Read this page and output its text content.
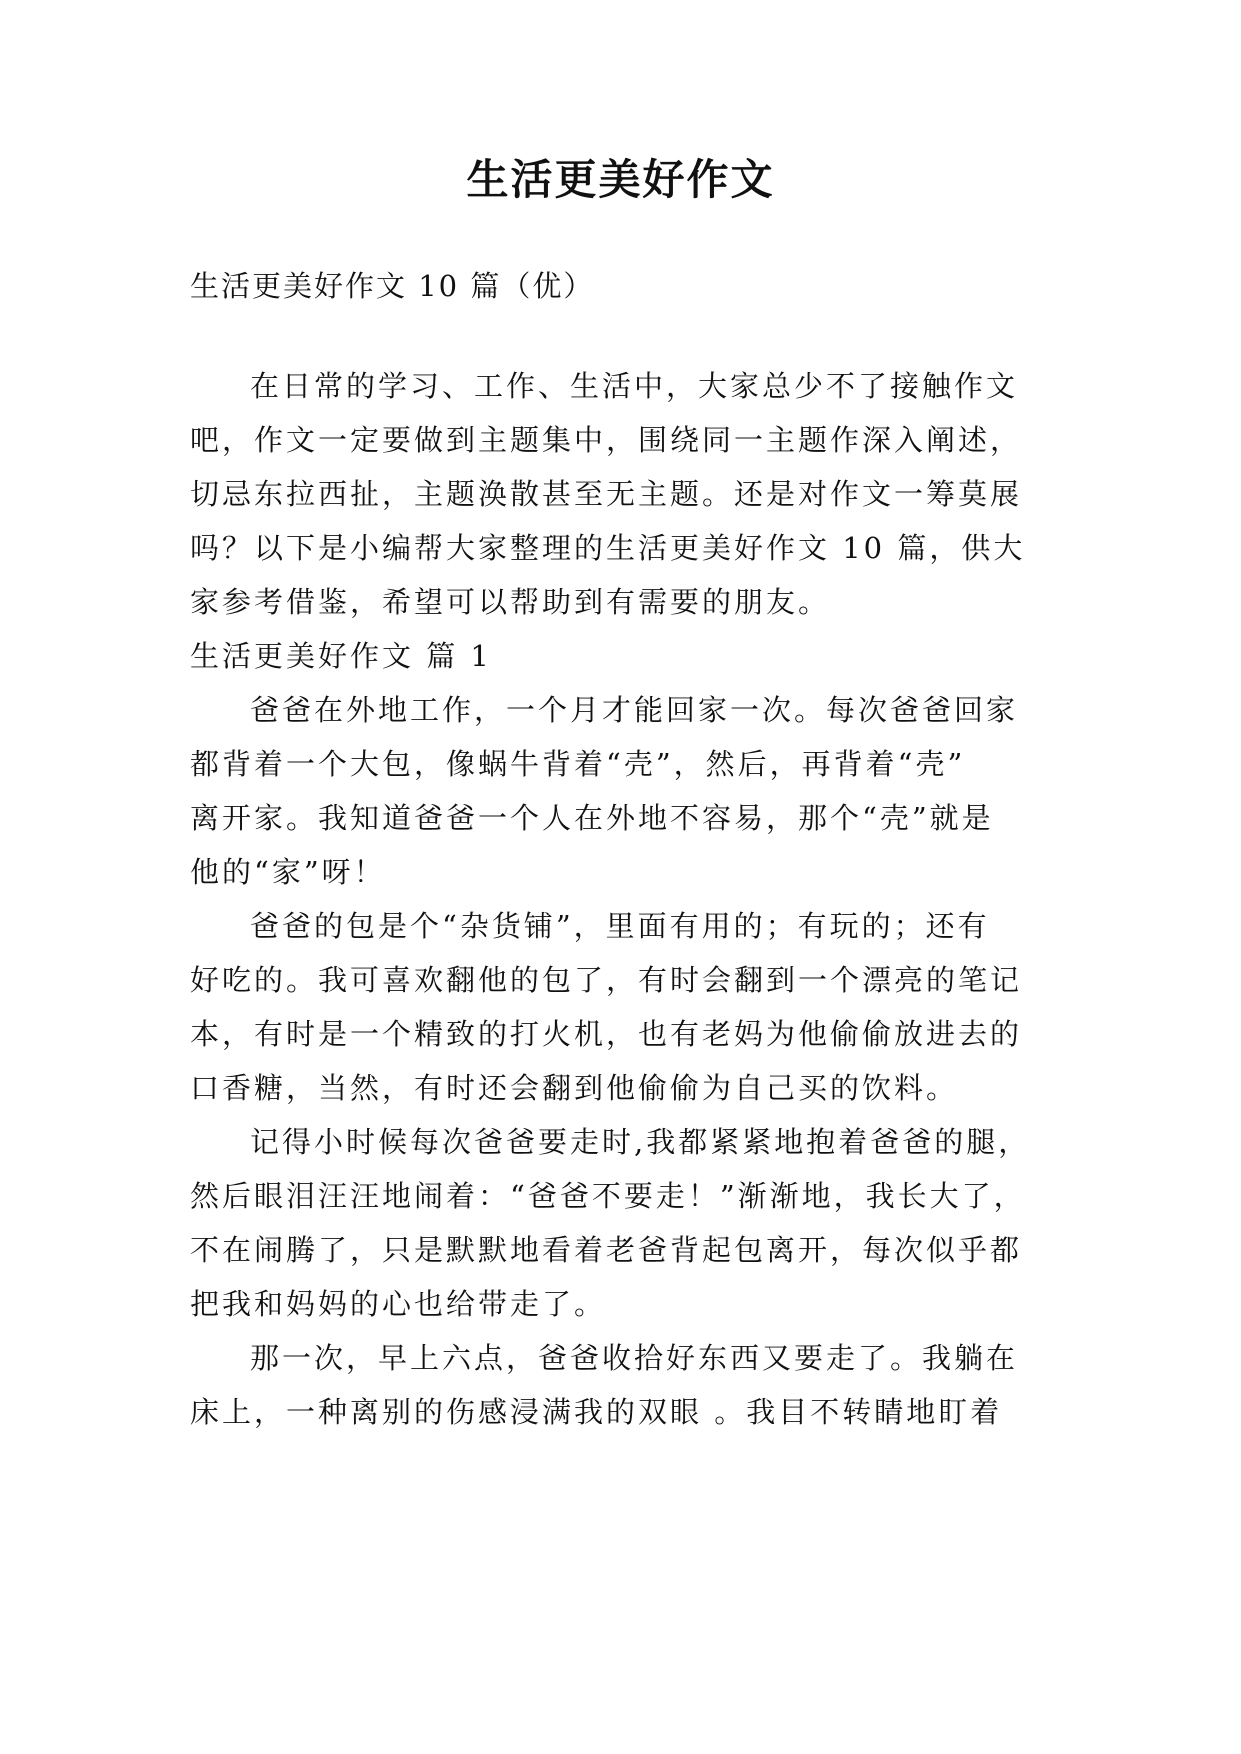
生活更美好作文
生活更美好作文 10 篇（优）
在日常的学习、工作、生活中，大家总少不了接触作文
吧，作文一定要做到主题集中，围绕同一主题作深入阐述，
切忌东拉西扯，主题涣散甚至无主题。还是对作文一筹莫展
吗？以下是小编帮大家整理的生活更美好作文 10 篇，供大
家参考借鉴，希望可以帮助到有需要的朋友。
生活更美好作文 篇 1
爸爸在外地工作，一个月才能回家一次。每次爸爸回家
都背着一个大包，像蜗牛背着“壳”，然后，再背着“壳”
离开家。我知道爸爸一个人在外地不容易，那个“壳”就是
他的“家”呀！
爸爸的包是个“杂货铺”，里面有用的；有玩的；还有
好吃的。我可喜欢翻他的包了，有时会翻到一个漂亮的笔记
本，有时是一个精致的打火机，也有老妈为他偷偷放进去的
口香糖，当然，有时还会翻到他偷偷为自己买的饮料。
记得小时候每次爸爸要走时,我都紧紧地抱着爸爸的腿，
然后眼泪汪汪地闹着：“爸爸不要走！”渐渐地，我长大了，
不在闹腾了，只是默默地看着老爸背起包离开，每次似乎都
把我和妈妈的心也给带走了。
那一次，早上六点，爸爸收拾好东西又要走了。我躺在
床上，一种离别的伤感浸满我的双眼 。我目不转睛地盯着
